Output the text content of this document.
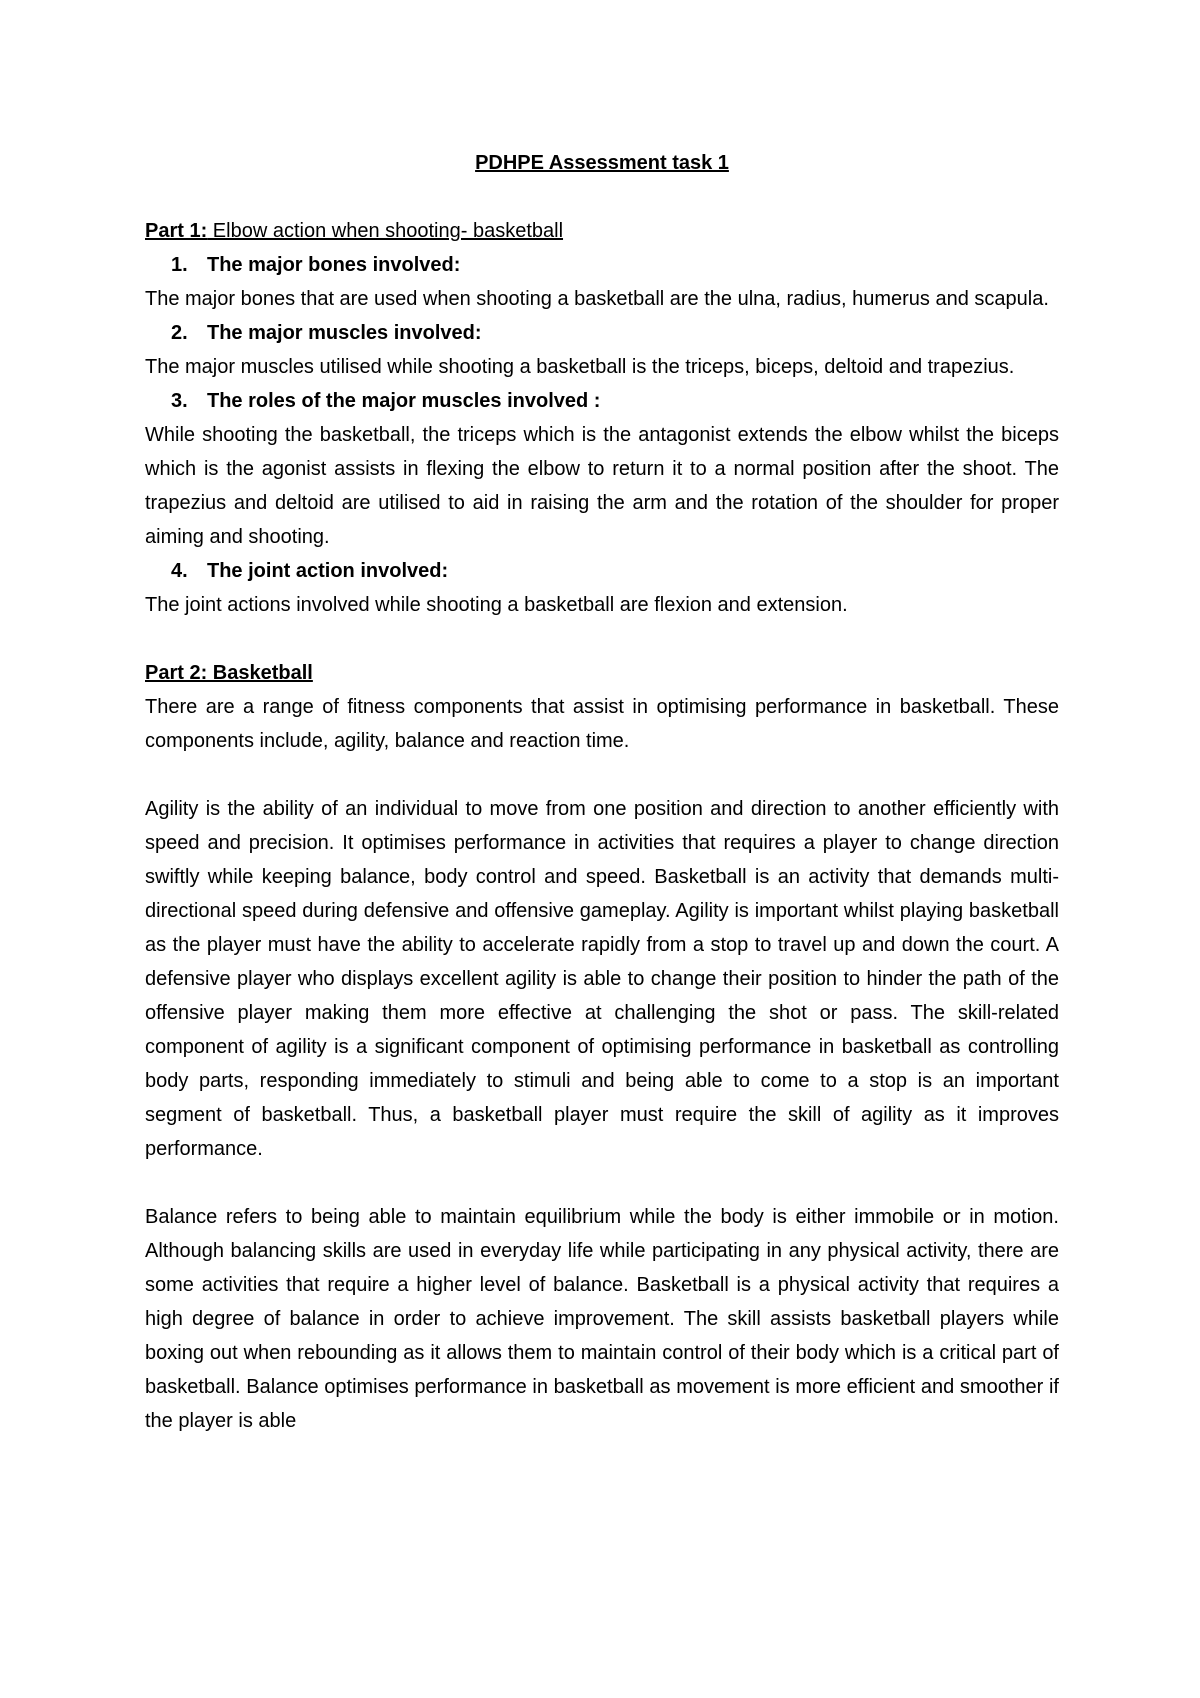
PDHPE Assessment task 1

Part 1: Elbow action when shooting- basketball

1. The major bones involved:

The major bones that are used when shooting a basketball are the ulna, radius, humerus and scapula.

2. The major muscles involved:

The major muscles utilised while shooting a basketball is the triceps, biceps, deltoid and trapezius.

3. The roles of the major muscles involved :

While shooting the basketball, the triceps which is the antagonist extends the elbow whilst the biceps which is the agonist assists in flexing the elbow to return it to a normal position after the shoot. The trapezius and deltoid are utilised to aid in raising the arm and the rotation of the shoulder for proper aiming and shooting.

4. The joint action involved:

The joint actions involved while shooting a basketball are flexion and extension.

Part 2: Basketball

There are a range of fitness components that assist in optimising performance in basketball. These components include, agility, balance and reaction time.

Agility is the ability of an individual to move from one position and direction to another efficiently with speed and precision. It optimises performance in activities that requires a player to change direction swiftly while keeping balance, body control and speed. Basketball is an activity that demands multi-directional speed during defensive and offensive gameplay. Agility is important whilst playing basketball as the player must have the ability to accelerate rapidly from a stop to travel up and down the court. A defensive player who displays excellent agility is able to change their position to hinder the path of the offensive player making them more effective at challenging the shot or pass. The skill-related component of agility is a significant component of optimising performance in basketball as controlling body parts, responding immediately to stimuli and being able to come to a stop is an important segment of basketball. Thus, a basketball player must require the skill of agility as it improves performance.

Balance refers to being able to maintain equilibrium while the body is either immobile or in motion. Although balancing skills are used in everyday life while participating in any physical activity, there are some activities that require a higher level of balance. Basketball is a physical activity that requires a high degree of balance in order to achieve improvement. The skill assists basketball players while boxing out when rebounding as it allows them to maintain control of their body which is a critical part of basketball. Balance optimises performance in basketball as movement is more efficient and smoother if the player is able
